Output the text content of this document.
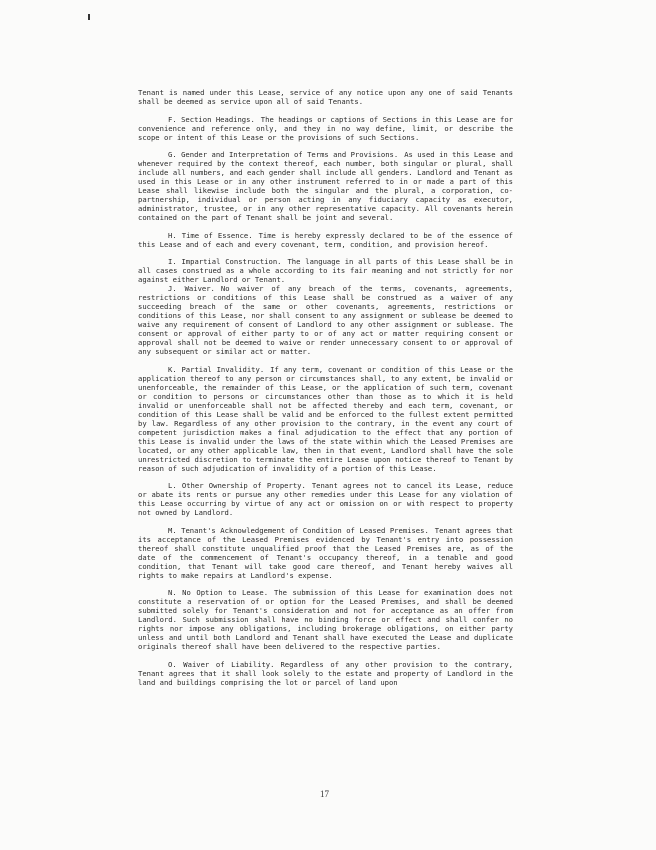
Tenant is named under this Lease, service of any notice upon any one of said Tenants shall be deemed as service upon all of said Tenants.

F. Section Headings. The headings or captions of Sections in this Lease are for convenience and reference only, and they in no way define, limit, or describe the scope or intent of this Lease or the provisions of such Sections.

G. Gender and Interpretation of Terms and Provisions. As used in this Lease and whenever required by the context thereof, each number, both singular or plural, shall include all numbers, and each gender shall include all genders. Landlord and Tenant as used in this Lease or in any other instrument referred to in or made a part of this Lease shall likewise include both the singular and the plural, a corporation, co-partnership, individual or person acting in any fiduciary capacity as executor, administrator, trustee, or in any other representative capacity. All covenants herein contained on the part of Tenant shall be joint and several.

H. Time of Essence. Time is hereby expressly declared to be of the essence of this Lease and of each and every covenant, term, condition, and provision hereof.

I. Impartial Construction. The language in all parts of this Lease shall be in all cases construed as a whole according to its fair meaning and not strictly for nor against either Landlord or Tenant.

J. Waiver. No waiver of any breach of the terms, covenants, agreements, restrictions or conditions of this Lease shall be construed as a waiver of any succeeding breach of the same or other covenants, agreements, restrictions or conditions of this Lease, nor shall consent to any assignment or sublease be deemed to waive any requirement of consent of Landlord to any other assignment or sublease. The consent or approval of either party to or of any act or matter requiring consent or approval shall not be deemed to waive or render unnecessary consent to or approval of any subsequent or similar act or matter.

K. Partial Invalidity. If any term, covenant or condition of this Lease or the application thereof to any person or circumstances shall, to any extent, be invalid or unenforceable, the remainder of this Lease, or the application of such term, covenant or condition to persons or circumstances other than those as to which it is held invalid or unenforceable shall not be affected thereby and each term, covenant, or condition of this Lease shall be valid and be enforced to the fullest extent permitted by law. Regardless of any other provision to the contrary, in the event any court of competent jurisdiction makes a final adjudication to the effect that any portion of this Lease is invalid under the laws of the state within which the Leased Premises are located, or any other applicable law, then in that event, Landlord shall have the sole unrestricted discretion to terminate the entire Lease upon notice thereof to Tenant by reason of such adjudication of invalidity of a portion of this Lease.

L. Other Ownership of Property. Tenant agrees not to cancel its Lease, reduce or abate its rents or pursue any other remedies under this Lease for any violation of this Lease occurring by virtue of any act or omission on or with respect to property not owned by Landlord.

M. Tenant's Acknowledgement of Condition of Leased Premises. Tenant agrees that its acceptance of the Leased Premises evidenced by Tenant's entry into possession thereof shall constitute unqualified proof that the Leased Premises are, as of the date of the commencement of Tenant's occupancy thereof, in a tenable and good condition, that Tenant will take good care thereof, and Tenant hereby waives all rights to make repairs at Landlord's expense.

N. No Option to Lease. The submission of this Lease for examination does not constitute a reservation of or option for the Leased Premises, and shall be deemed submitted solely for Tenant's consideration and not for acceptance as an offer from Landlord. Such submission shall have no binding force or effect and shall confer no rights nor impose any obligations, including brokerage obligations, on either party unless and until both Landlord and Tenant shall have executed the Lease and duplicate originals thereof shall have been delivered to the respective parties.

O. Waiver of Liability. Regardless of any other provision to the contrary, Tenant agrees that it shall look solely to the estate and property of Landlord in the land and buildings comprising the lot or parcel of land upon

17
